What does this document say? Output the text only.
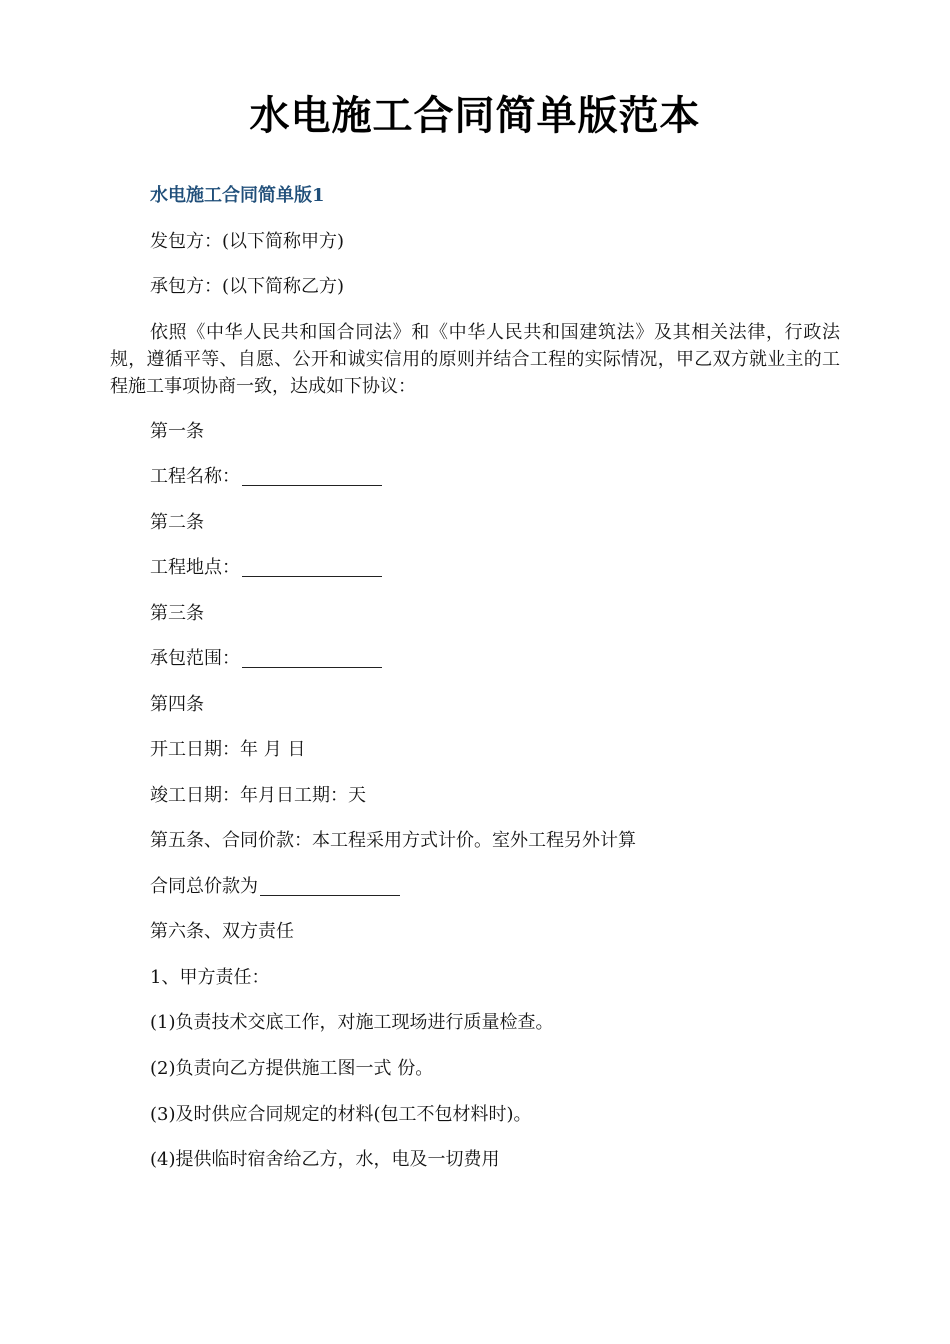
水电施工合同简单版范本
水电施工合同简单版1
发包方：(以下简称甲方)
承包方：(以下简称乙方)
依照《中华人民共和国合同法》和《中华人民共和国建筑法》及其相关法律，行政法规，遵循平等、自愿、公开和诚实信用的原则并结合工程的实际情况，甲乙双方就业主的工程施工事项协商一致，达成如下协议：
第一条
工程名称：
第二条
工程地点：
第三条
承包范围：
第四条
开工日期：年 月 日
竣工日期：年月日工期：天
第五条、合同价款：本工程采用方式计价。室外工程另外计算
合同总价款为
第六条、双方责任
1、甲方责任：
(1)负责技术交底工作，对施工现场进行质量检查。
(2)负责向乙方提供施工图一式 份。
(3)及时供应合同规定的材料(包工不包材料时)。
(4)提供临时宿舍给乙方，水，电及一切费用
